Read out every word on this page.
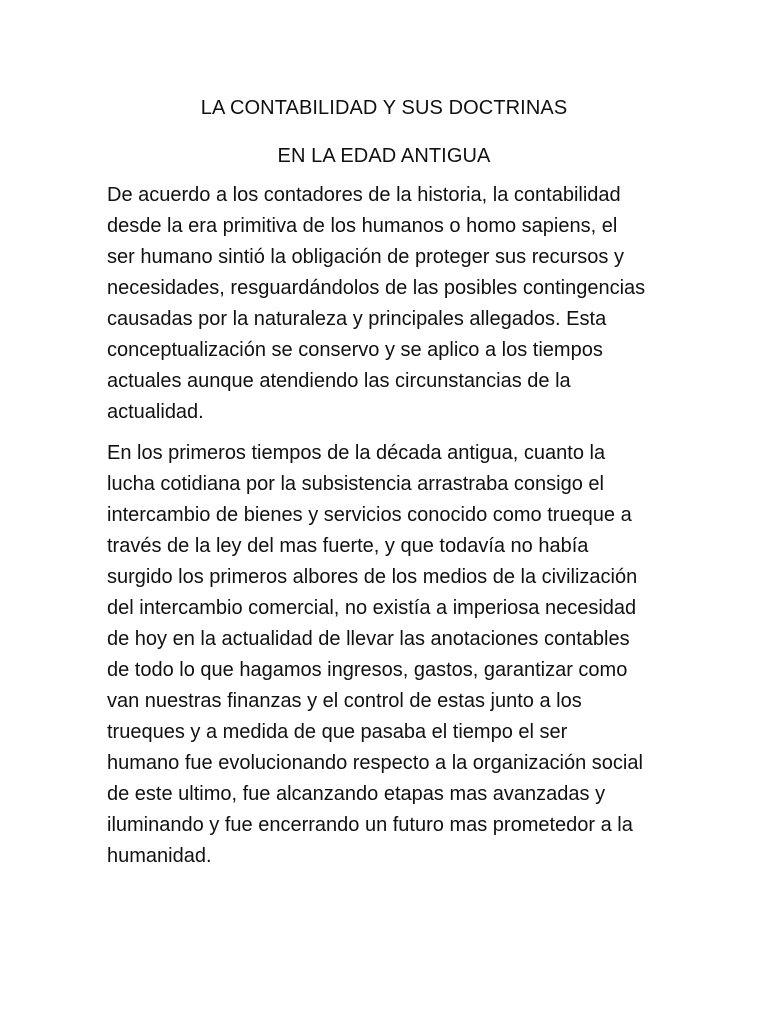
LA CONTABILIDAD Y SUS DOCTRINAS
EN LA EDAD ANTIGUA

De acuerdo a los contadores de la historia, la contabilidad
desde la era primitiva de los humanos o homo sapiens, el
ser humano sintió la obligación de proteger sus recursos y
necesidades, resguardándolos de las posibles contingencias
causadas por la naturaleza y principales allegados. Esta
conceptualización se conservo y se aplico a los tiempos
actuales aunque atendiendo las circunstancias de la
actualidad.

En los primeros tiempos de la década antigua, cuanto la
lucha cotidiana por la subsistencia arrastraba consigo el
intercambio de bienes y servicios conocido como trueque a
través de la ley del mas fuerte, y que todavía no había
surgido los primeros albores de los medios de la civilización
del intercambio comercial, no existía a imperiosa necesidad
de hoy en la actualidad de llevar las anotaciones contables
de todo lo que hagamos ingresos, gastos, garantizar como
van nuestras finanzas y el control de estas junto a los
trueques y a medida de que pasaba el tiempo el ser
humano fue evolucionando respecto a la organización social
de este ultimo, fue alcanzando etapas mas avanzadas y
iluminando y fue encerrando un futuro mas prometedor a la
humanidad.
